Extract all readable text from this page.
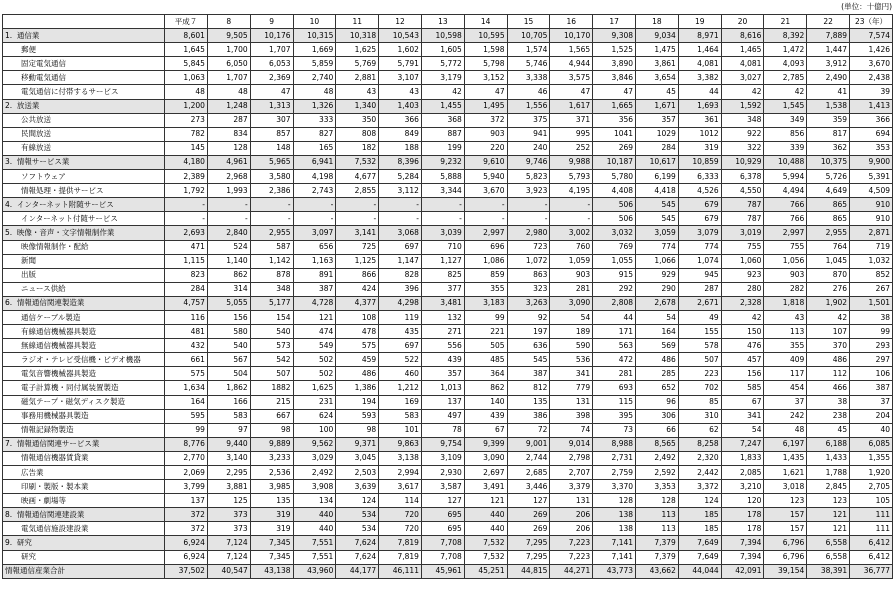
(単位：十億円)
	平成７	8	9	10	11	12	13	14	15	16	17	18	19	20	21	22	23（年）
1.  通信業	8,601	9,505	10,176	10,315	10,318	10,543	10,598	10,595	10,705	10,170	9,308	9,034	8,971	8,616	8,392	7,889	7,574
郵便	1,645	1,700	1,707	1,669	1,625	1,602	1,605	1,598	1,574	1,565	1,525	1,475	1,464	1,465	1,472	1,447	1,426
固定電気通信	5,845	6,050	6,053	5,859	5,769	5,791	5,772	5,798	5,746	4,944	3,890	3,861	4,081	4,081	4,093	3,912	3,670
移動電気通信	1,063	1,707	2,369	2,740	2,881	3,107	3,179	3,152	3,338	3,575	3,846	3,654	3,382	3,027	2,785	2,490	2,438
電気通信に付帯するサービス	48	48	47	48	43	43	42	47	46	47	47	45	44	42	42	41	39
2.  放送業	1,200	1,248	1,313	1,326	1,340	1,403	1,455	1,495	1,556	1,617	1,665	1,671	1,693	1,592	1,545	1,538	1,413
公共放送	273	287	307	333	350	366	368	372	375	371	356	357	361	348	349	359	366
民間放送	782	834	857	827	808	849	887	903	941	995	1041	1029	1012	922	856	817	694
有線放送	145	128	148	165	182	188	199	220	240	252	269	284	319	322	339	362	353
3.  情報サービス業	4,180	4,961	5,965	6,941	7,532	8,396	9,232	9,610	9,746	9,988	10,187	10,617	10,859	10,929	10,488	10,375	9,900
ソフトウェア	2,389	2,968	3,580	4,198	4,677	5,284	5,888	5,940	5,823	5,793	5,780	6,199	6,333	6,378	5,994	5,726	5,391
情報処理・提供サービス	1,792	1,993	2,386	2,743	2,855	3,112	3,344	3,670	3,923	4,195	4,408	4,418	4,526	4,550	4,494	4,649	4,509
4.  インターネット附随サービス	-	-	-	-	-	-	-	-	-	-	506	545	679	787	766	865	910
インターネット付随サービス	-	-	-	-	-	-	-	-	-	-	506	545	679	787	766	865	910
5.  映像・音声・文字情報制作業	2,693	2,840	2,955	3,097	3,141	3,068	3,039	2,997	2,980	3,002	3,032	3,059	3,079	3,019	2,997	2,955	2,871
映像情報制作・配給	471	524	587	656	725	697	710	696	723	760	769	774	774	755	755	764	719
新聞	1,115	1,140	1,142	1,163	1,125	1,147	1,127	1,086	1,072	1,059	1,055	1,066	1,074	1,060	1,056	1,045	1,032
出版	823	862	878	891	866	828	825	859	863	903	915	929	945	923	903	870	852
ニュース供給	284	314	348	387	424	396	377	355	323	281	292	290	287	280	282	276	267
6.  情報通信関連製造業	4,757	5,055	5,177	4,728	4,377	4,298	3,481	3,183	3,263	3,090	2,808	2,678	2,671	2,328	1,818	1,902	1,501
通信ケーブル製造	116	156	154	121	108	119	132	99	92	54	44	54	49	42	43	42	38
有線通信機械器具製造	481	580	540	474	478	435	271	221	197	189	171	164	155	150	113	107	99
無線通信機械器具製造	432	540	573	549	575	697	556	505	636	590	563	569	578	476	355	370	293
ラジオ・テレビ受信機・ビデオ機器	661	567	542	502	459	522	439	485	545	536	472	486	507	457	409	486	297
電気音響機械器具製造	575	504	507	502	486	460	357	364	387	341	281	285	223	156	117	112	106
電子計算機・同付属装置製造	1,634	1,862	1882	1,625	1,386	1,212	1,013	862	812	779	693	652	702	585	454	466	387
磁気テープ・磁気ディスク製造	164	166	215	231	194	169	137	140	135	131	115	96	85	67	37	38	37
事務用機械器具製造	595	583	667	624	593	583	497	439	386	398	395	306	310	341	242	238	204
情報記録物製造	99	97	98	100	98	101	78	67	72	74	73	66	62	54	48	45	40
7.  情報通信関連サービス業	8,776	9,440	9,889	9,562	9,371	9,863	9,754	9,399	9,001	9,014	8,988	8,565	8,258	7,247	6,197	6,188	6,085
情報通信機器賃貸業	2,770	3,140	3,233	3,029	3,045	3,138	3,109	3,090	2,744	2,798	2,731	2,492	2,320	1,833	1,435	1,433	1,355
広告業	2,069	2,295	2,536	2,492	2,503	2,994	2,930	2,697	2,685	2,707	2,759	2,592	2,442	2,085	1,621	1,788	1,920
印刷・製版・製本業	3,799	3,881	3,985	3,908	3,639	3,617	3,587	3,491	3,446	3,379	3,370	3,353	3,372	3,210	3,018	2,845	2,705
映画・劇場等	137	125	135	134	124	114	127	121	127	131	128	128	124	120	123	123	105
8.  情報通信関連建設業	372	373	319	440	534	720	695	440	269	206	138	113	185	178	157	121	111
電気通信施設建設業	372	373	319	440	534	720	695	440	269	206	138	113	185	178	157	121	111
9.  研究	6,924	7,124	7,345	7,551	7,624	7,819	7,708	7,532	7,295	7,223	7,141	7,379	7,649	7,394	6,796	6,558	6,412
研究	6,924	7,124	7,345	7,551	7,624	7,819	7,708	7,532	7,295	7,223	7,141	7,379	7,649	7,394	6,796	6,558	6,412
情報通信産業合計	37,502	40,547	43,138	43,960	44,177	46,111	45,961	45,251	44,815	44,271	43,773	43,662	44,044	42,091	39,154	38,391	36,777
